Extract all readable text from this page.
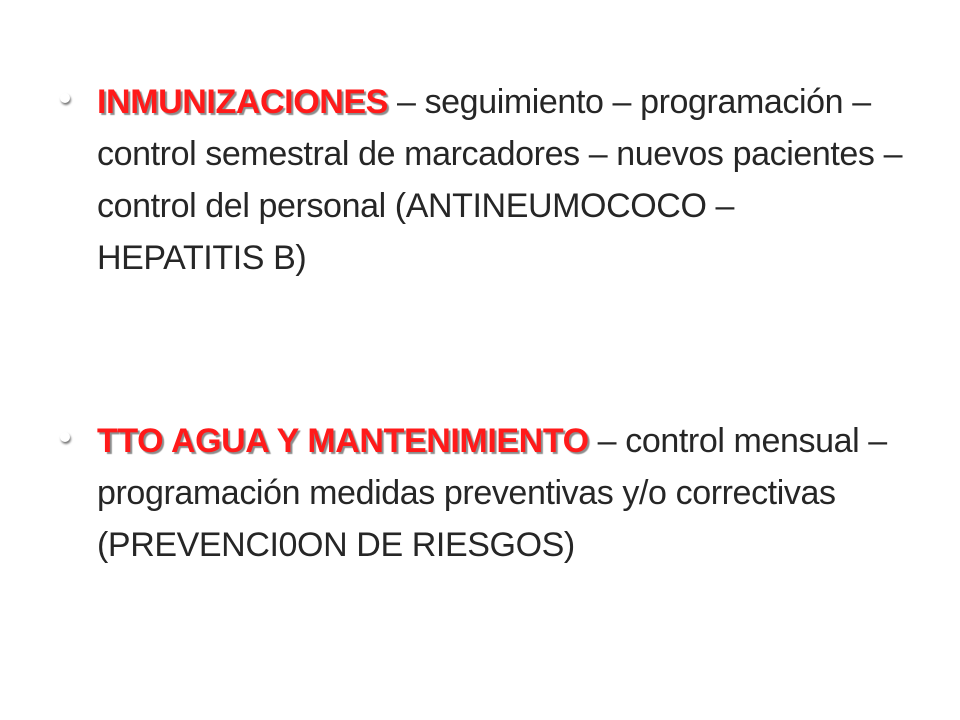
INMUNIZACIONES – seguimiento – programación – control semestral de marcadores – nuevos pacientes – control del personal (ANTINEUMOCOCO – HEPATITIS B)
TTO AGUA Y MANTENIMIENTO – control mensual – programación medidas preventivas y/o correctivas (PREVENCI0ON DE RIESGOS)
